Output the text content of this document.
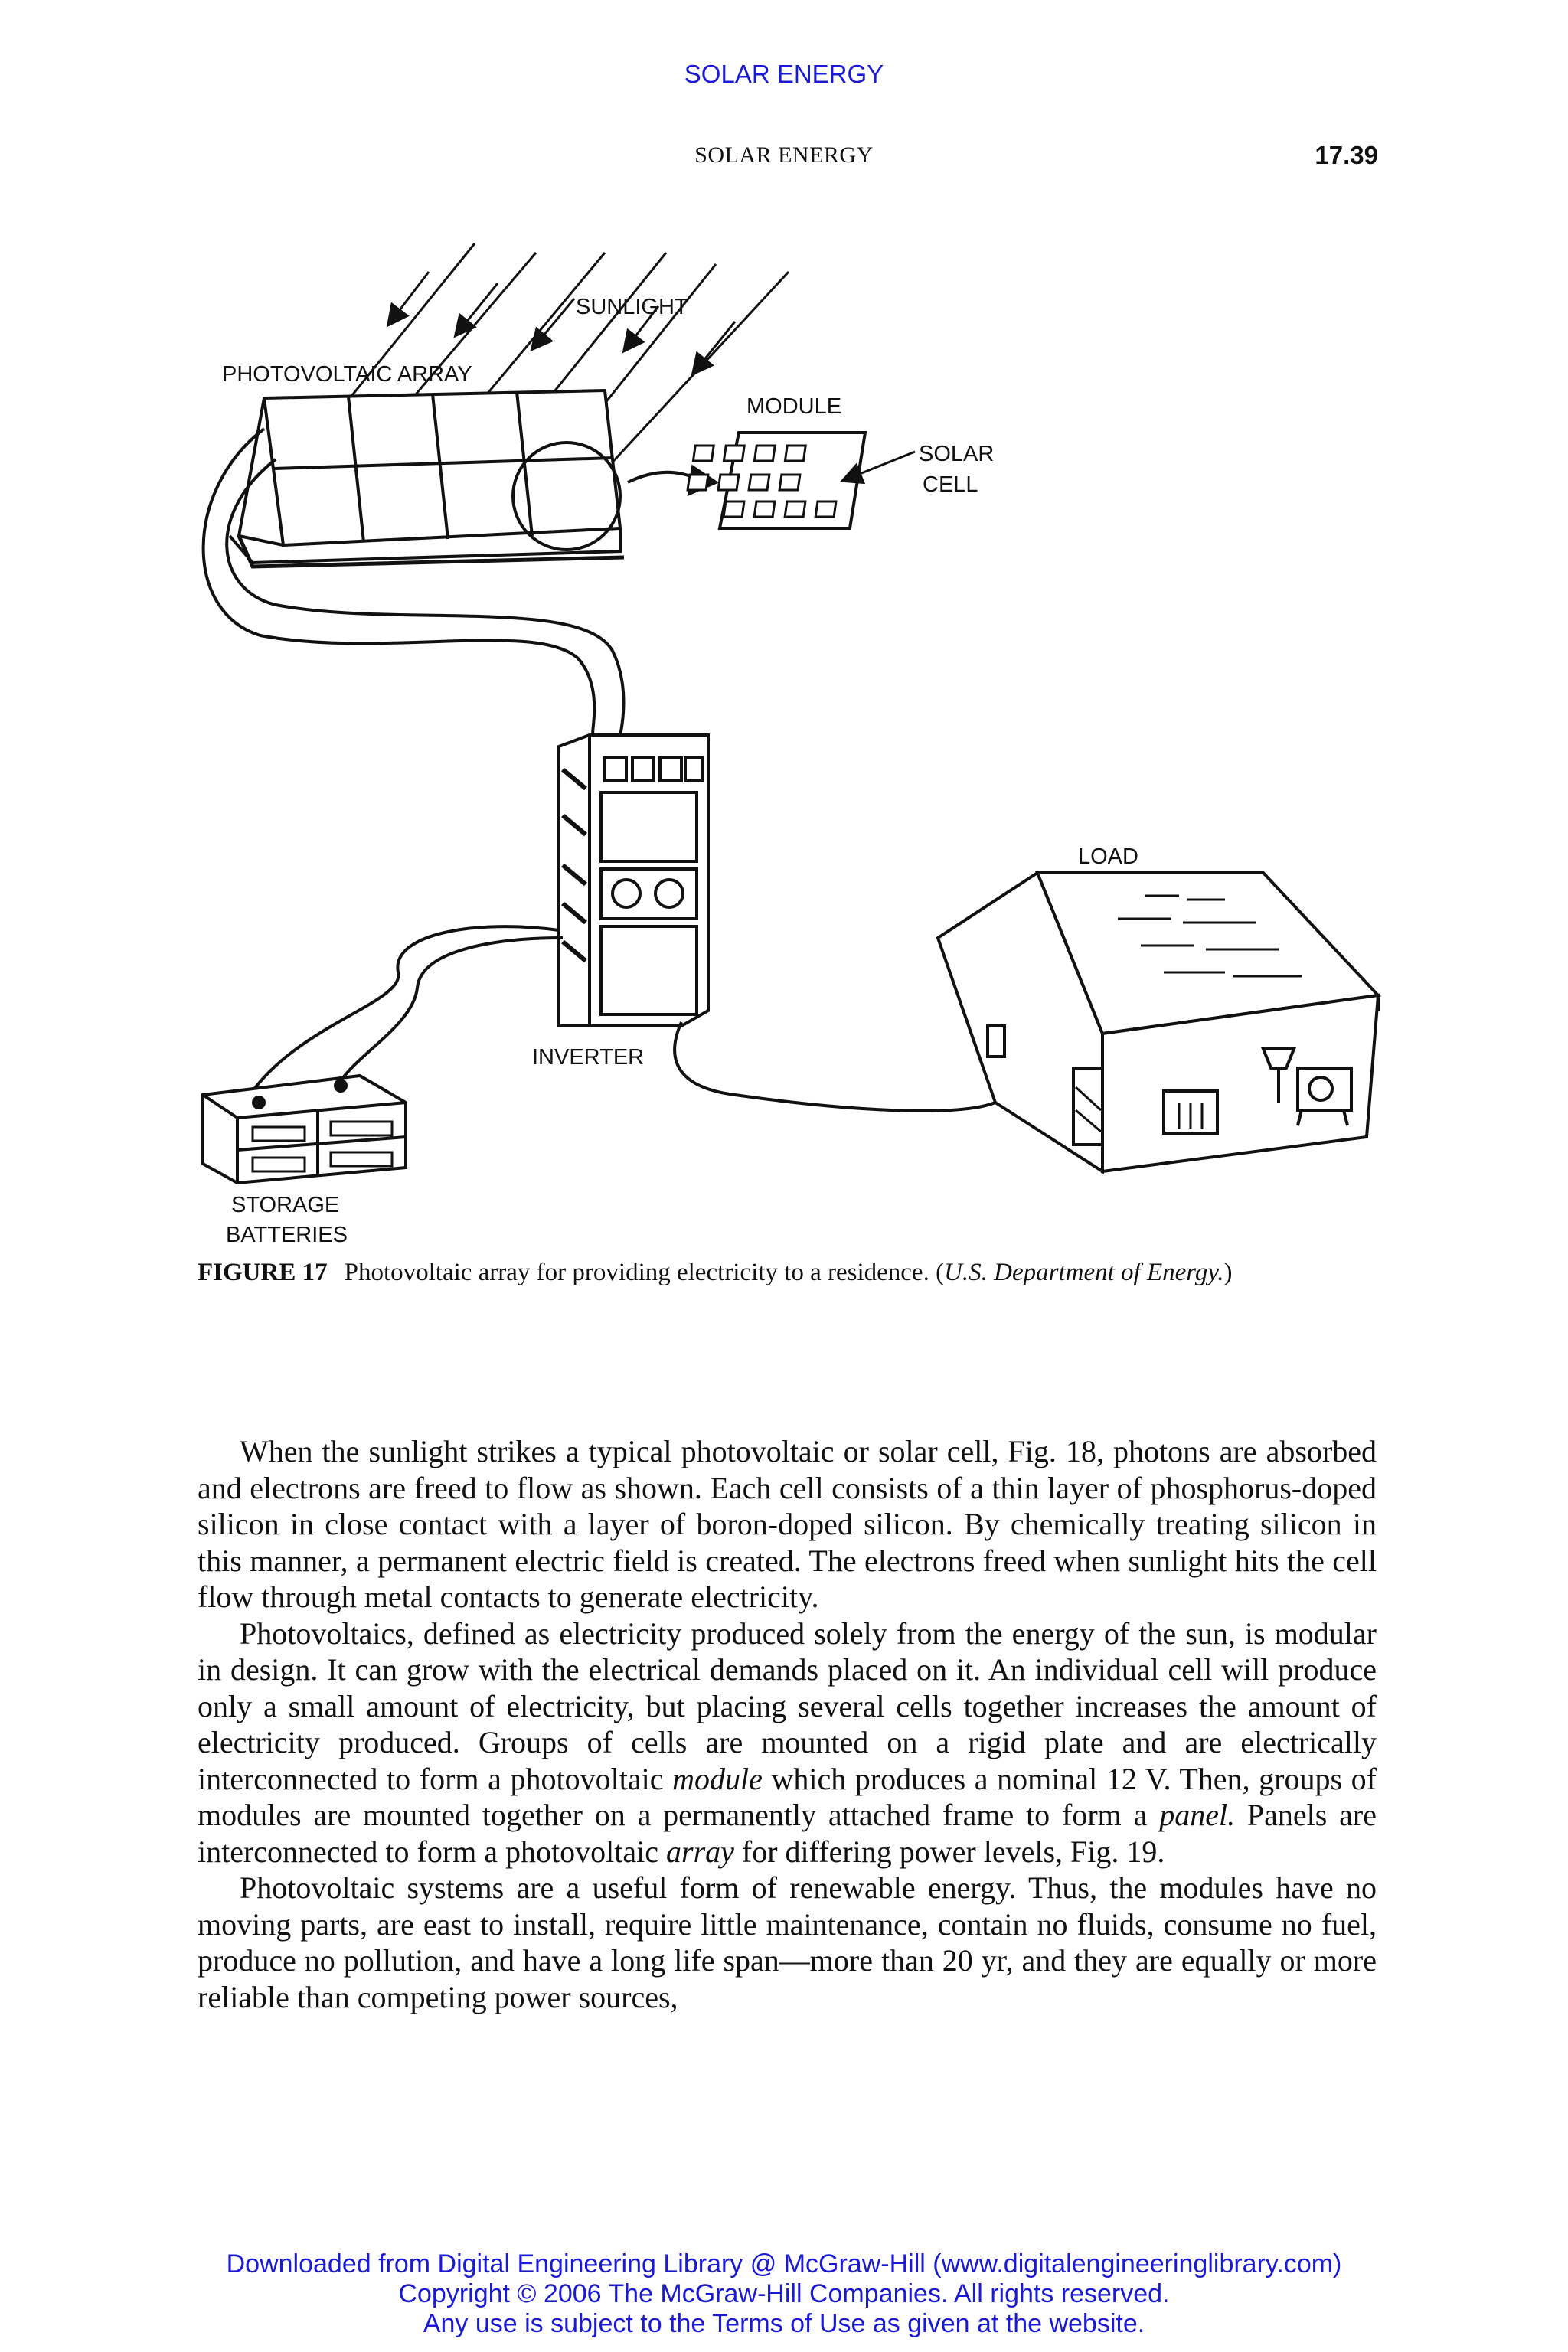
SOLAR ENERGY
SOLAR ENERGY	17.39
SUNLIGHT
PHOTOVOLTAIC ARRAY
MODULE
SOLAR
CELL
LOAD
INVERTER
STORAGE
BATTERIES
FIGURE 17 Photovoltaic array for providing electricity to a residence. (U.S. Department of Energy.)

When the sunlight strikes a typical photovoltaic or solar cell, Fig. 18, photons are absorbed and electrons are freed to flow as shown. Each cell consists of a thin layer of phosphorus-doped silicon in close contact with a layer of boron-doped silicon. By chemically treating silicon in this manner, a permanent electric field is created. The electrons freed when sunlight hits the cell flow through metal contacts to generate electricity.

Photovoltaics, defined as electricity produced solely from the energy of the sun, is modular in design. It can grow with the electrical demands placed on it. An individual cell will produce only a small amount of electricity, but placing several cells together increases the amount of electricity produced. Groups of cells are mounted on a rigid plate and are electrically interconnected to form a photovoltaic module which produces a nominal 12 V. Then, groups of modules are mounted together on a permanently attached frame to form a panel. Panels are interconnected to form a photovoltaic array for differing power levels, Fig. 19.

Photovoltaic systems are a useful form of renewable energy. Thus, the modules have no moving parts, are east to install, require little maintenance, contain no fluids, consume no fuel, produce no pollution, and have a long life span—more than 20 yr, and they are equally or more reliable than competing power sources,

Downloaded from Digital Engineering Library @ McGraw-Hill (www.digitalengineeringlibrary.com)
Copyright © 2006 The McGraw-Hill Companies. All rights reserved.
Any use is subject to the Terms of Use as given at the website.
